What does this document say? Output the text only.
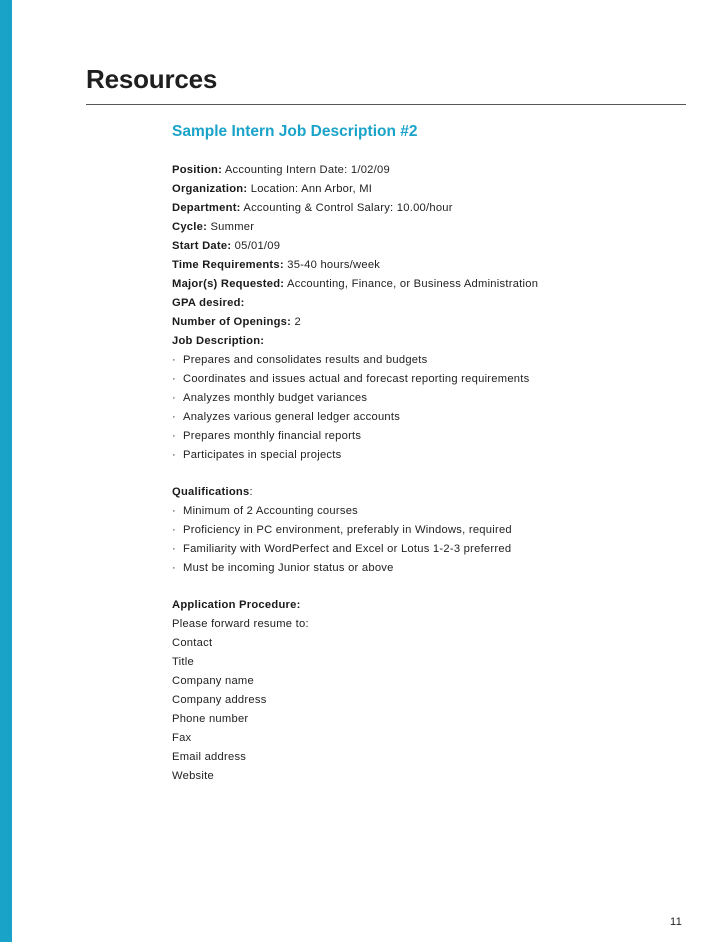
Resources
Sample Intern Job Description #2
Position: Accounting Intern Date: 1/02/09
Organization: Location: Ann Arbor, MI
Department: Accounting & Control Salary: 10.00/hour
Cycle: Summer
Start Date: 05/01/09
Time Requirements: 35-40 hours/week
Major(s) Requested: Accounting, Finance, or Business Administration
GPA desired:
Number of Openings: 2
Job Description:
· Prepares and consolidates results and budgets
· Coordinates and issues actual and forecast reporting requirements
· Analyzes monthly budget variances
· Analyzes various general ledger accounts
· Prepares monthly financial reports
· Participates in special projects
Qualifications:
· Minimum of 2 Accounting courses
· Proficiency in PC environment, preferably in Windows, required
· Familiarity with WordPerfect and Excel or Lotus 1-2-3 preferred
· Must be incoming Junior status or above
Application Procedure:
Please forward resume to:
Contact
Title
Company name
Company address
Phone number
Fax
Email address
Website
11
